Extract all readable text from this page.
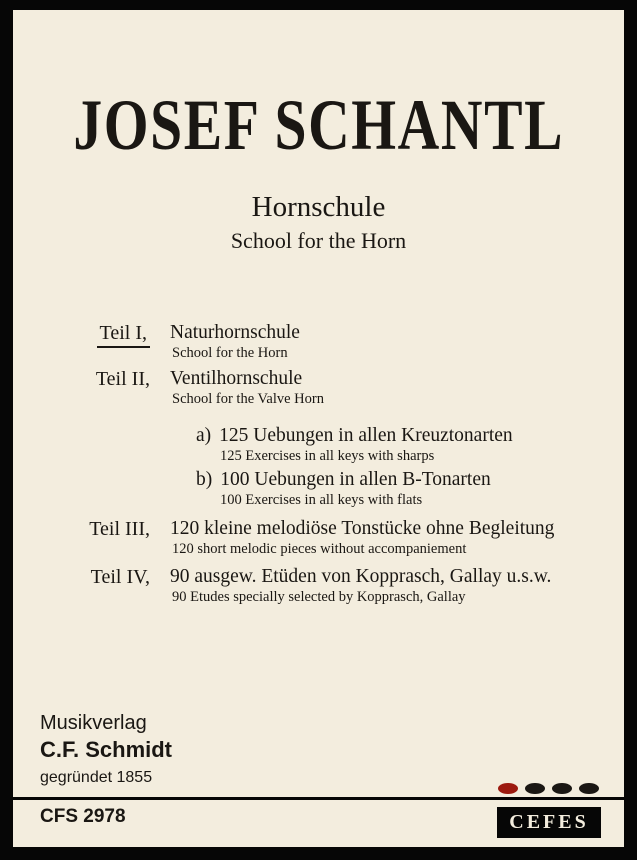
JOSEF SCHANTL
Hornschule
School for the Horn
Teil I, Naturhornschule
School for the Horn
Teil II, Ventilhornschule
School for the Valve Horn
a) 125 Uebungen in allen Kreuztonarten
125 Exercises in all keys with sharps
b) 100 Uebungen in allen B-Tonarten
100 Exercises in all keys with flats
Teil III, 120 kleine melodiöse Tonstücke ohne Begleitung
120 short melodic pieces without accompaniement
Teil IV, 90 ausgew. Etüden von Kopprasch, Gallay u.s.w.
90 Etudes specially selected by Kopprasch, Gallay
Musikverlag
C.F. Schmidt
gegründet 1855
CFS 2978	CEFES
